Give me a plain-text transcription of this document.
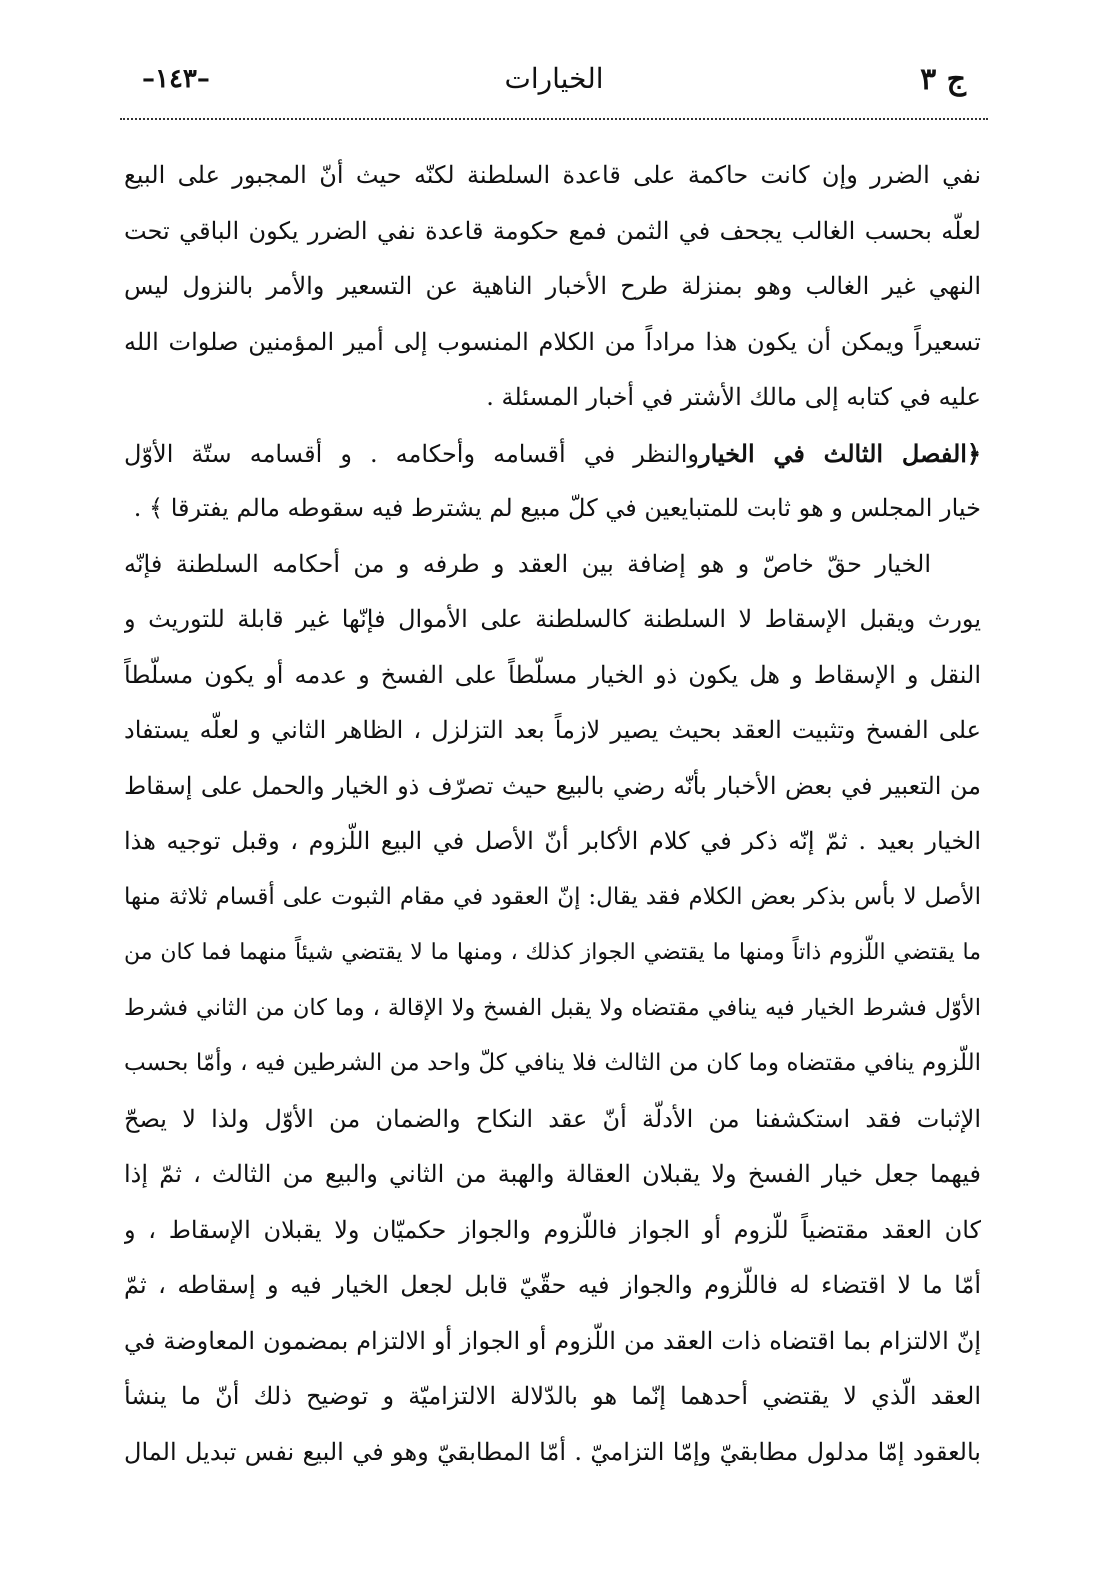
ج ٣
الخيارات
–١٤٣–
نفي الضرر وإن كانت حاكمة على قاعدة السلطنة لكنّه حيث أنّ المجبور على البيع
لعلّه بحسب الغالب يجحف في الثمن فمع حكومة قاعدة نفي الضرر يكون الباقي تحت
النهي غير الغالب وهو بمنزلة طرح الأخبار الناهية عن التسعير والأمر بالنزول ليس
تسعيراً ويمكن أن يكون هذا مراداً من الكلام المنسوب إلى أمير المؤمنين صلوات الله
عليه في كتابه إلى مالك الأشتر في أخبار المسئلة .
﴿الفصل الثالث في الخياروالنظر في أقسامه وأحكامه . و أقسامه ستّة الأوّل
خيار المجلس و هو ثابت للمتبايعين في كلّ مبيع لم يشترط فيه سقوطه مالم يفترقا ﴾ .
الخيار حقّ خاصّ و هو إضافة بين العقد و طرفه و من أحكامه السلطنة فإنّه
يورث ويقبل الإسقاط لا السلطنة كالسلطنة على الأموال فإنّها غير قابلة للتوريث و
النقل و الإسقاط و هل يكون ذو الخيار مسلّطاً على الفسخ و عدمه أو يكون مسلّطاً
على الفسخ وتثبيت العقد بحيث يصير لازماً بعد التزلزل ، الظاهر الثاني و لعلّه يستفاد
من التعبير في بعض الأخبار بأنّه رضي بالبيع حيث تصرّف ذو الخيار والحمل على إسقاط
الخيار بعيد . ثمّ إنّه ذكر في كلام الأكابر أنّ الأصل في البيع اللّزوم ، وقبل توجيه هذا
الأصل لا بأس بذكر بعض الكلام فقد يقال: إنّ العقود في مقام الثبوت على أقسام ثلاثة منها
ما يقتضي اللّزوم ذاتاً ومنها ما يقتضي الجواز كذلك ، ومنها ما لا يقتضي شيئاً منهما فما كان من
الأوّل فشرط الخيار فيه ينافي مقتضاه ولا يقبل الفسخ ولا الإقالة ، وما كان من الثاني فشرط
اللّزوم ينافي مقتضاه وما كان من الثالث فلا ينافي كلّ واحد من الشرطين فيه ، وأمّا بحسب
الإثبات فقد استكشفنا من الأدلّة أنّ عقد النكاح والضمان من الأوّل ولذا لا يصحّ
فيهما جعل خيار الفسخ ولا يقبلان العقالة والهبة من الثاني والبيع من الثالث ، ثمّ إذا
كان العقد مقتضياً للّزوم أو الجواز فاللّزوم والجواز حكميّان ولا يقبلان الإسقاط ، و
أمّا ما لا اقتضاء له فاللّزوم والجواز فيه حقّيّ قابل لجعل الخيار فيه و إسقاطه ، ثمّ
إنّ الالتزام بما اقتضاه ذات العقد من اللّزوم أو الجواز أو الالتزام بمضمون المعاوضة في
العقد الّذي لا يقتضي أحدهما إنّما هو بالدّلالة الالتزاميّة و توضيح ذلك أنّ ما ينشأ
بالعقود إمّا مدلول مطابقيّ وإمّا التزاميّ . أمّا المطابقيّ وهو في البيع نفس تبديل المال
